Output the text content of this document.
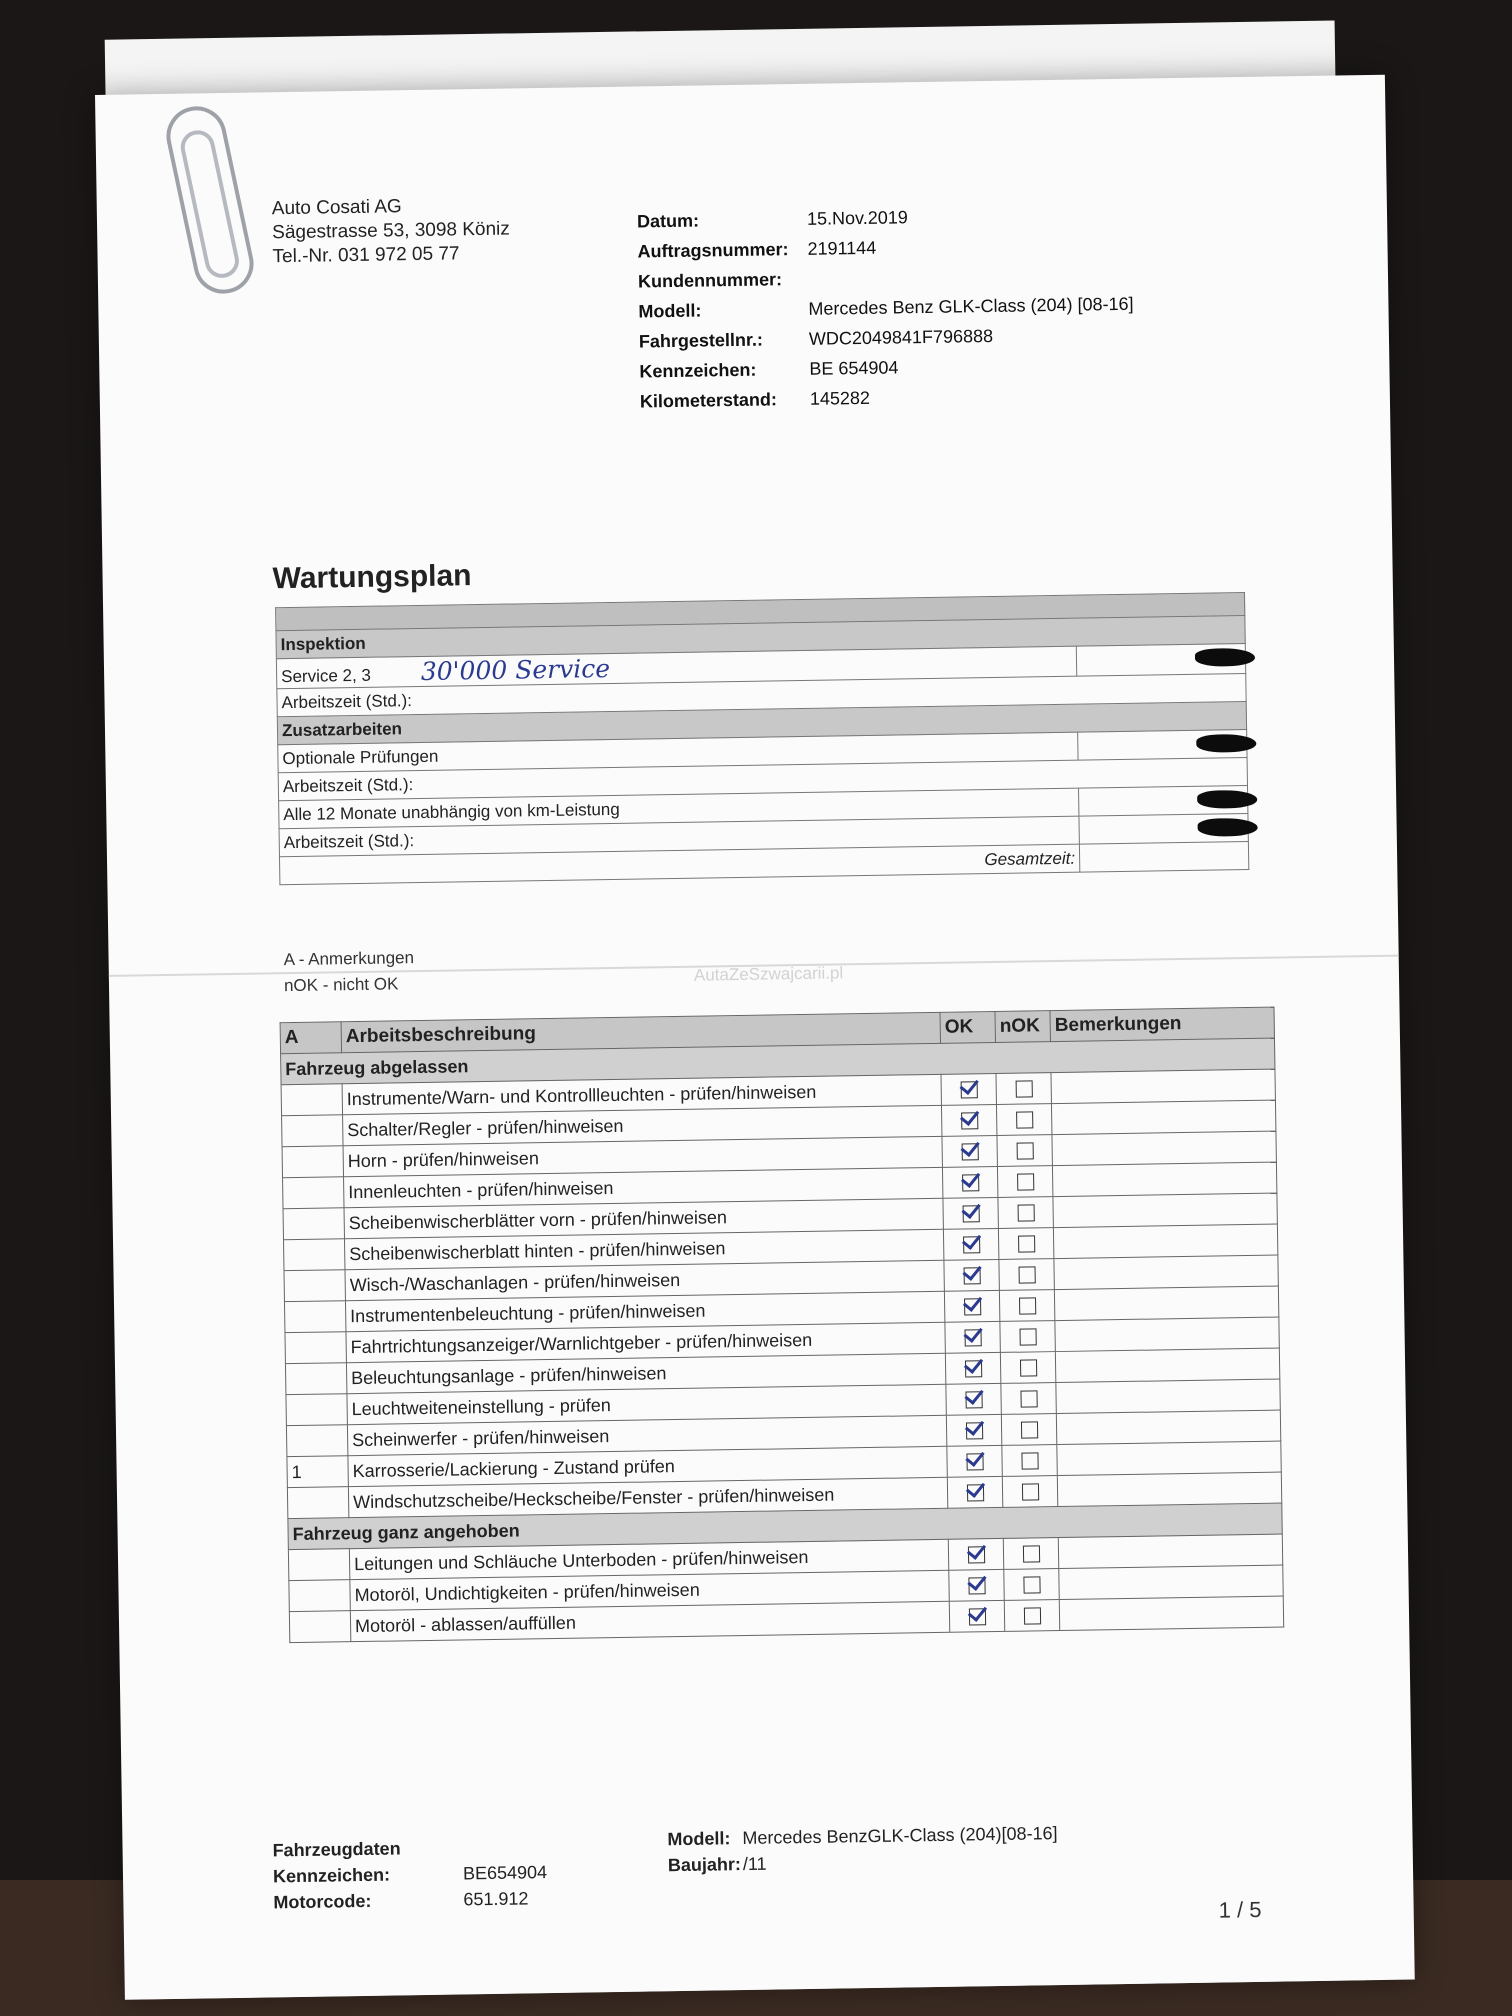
Auto Cosati AG
Sägestrasse 53, 3098 Köniz
Tel.-Nr. 031 972 05 77
Datum:	15.Nov.2019
Auftragsnummer:	2191144
Kundennummer:
Modell:	Mercedes Benz GLK-Class (204) [08-16]
Fahrgestellnr.:	WDC2049841F796888
Kennzeichen:	BE 654904
Kilometerstand:	145282
Wartungsplan

Inspektion	
Service 2, 3 30'000 Service	

Arbeitszeit (Std.):	
Zusatzarbeiten	
Optionale Prüfungen	

Arbeitszeit (Std.):	
Alle 12 Monate unabhängig von km-Leistung	

Arbeitszeit (Std.):	

Gesamtzeit:	
A - Anmerkungen
nOK - nicht OK
AutaZeSzwajcarii.pl
A	Arbeitsbeschreibung	OK	nOK	Bemerkungen
Fahrzeug abgelassen				
	Instrumente/Warn- und Kontrollleuchten - prüfen/hinweisen			
	Schalter/Regler - prüfen/hinweisen			
	Horn - prüfen/hinweisen			
	Innenleuchten - prüfen/hinweisen			
	Scheibenwischerblätter vorn - prüfen/hinweisen			
	Scheibenwischerblatt hinten - prüfen/hinweisen			
	Wisch-/Waschanlagen - prüfen/hinweisen			
	Instrumentenbeleuchtung - prüfen/hinweisen			
	Fahrtrichtungsanzeiger/Warnlichtgeber - prüfen/hinweisen			
	Beleuchtungsanlage - prüfen/hinweisen			
	Leuchtweiteneinstellung - prüfen			
	Scheinwerfer - prüfen/hinweisen			
1	Karrosserie/Lackierung - Zustand prüfen			
	Windschutzscheibe/Heckscheibe/Fenster - prüfen/hinweisen			
Fahrzeug ganz angehoben				
	Leitungen und Schläuche Unterboden - prüfen/hinweisen			
	Motoröl, Undichtigkeiten - prüfen/hinweisen			
	Motoröl - ablassen/auffüllen			
Fahrzeugdaten
Kennzeichen:	BE654904
Motorcode:	651.912
Modell: Mercedes BenzGLK-Class (204)[08-16]
Baujahr: /11
1 / 5
